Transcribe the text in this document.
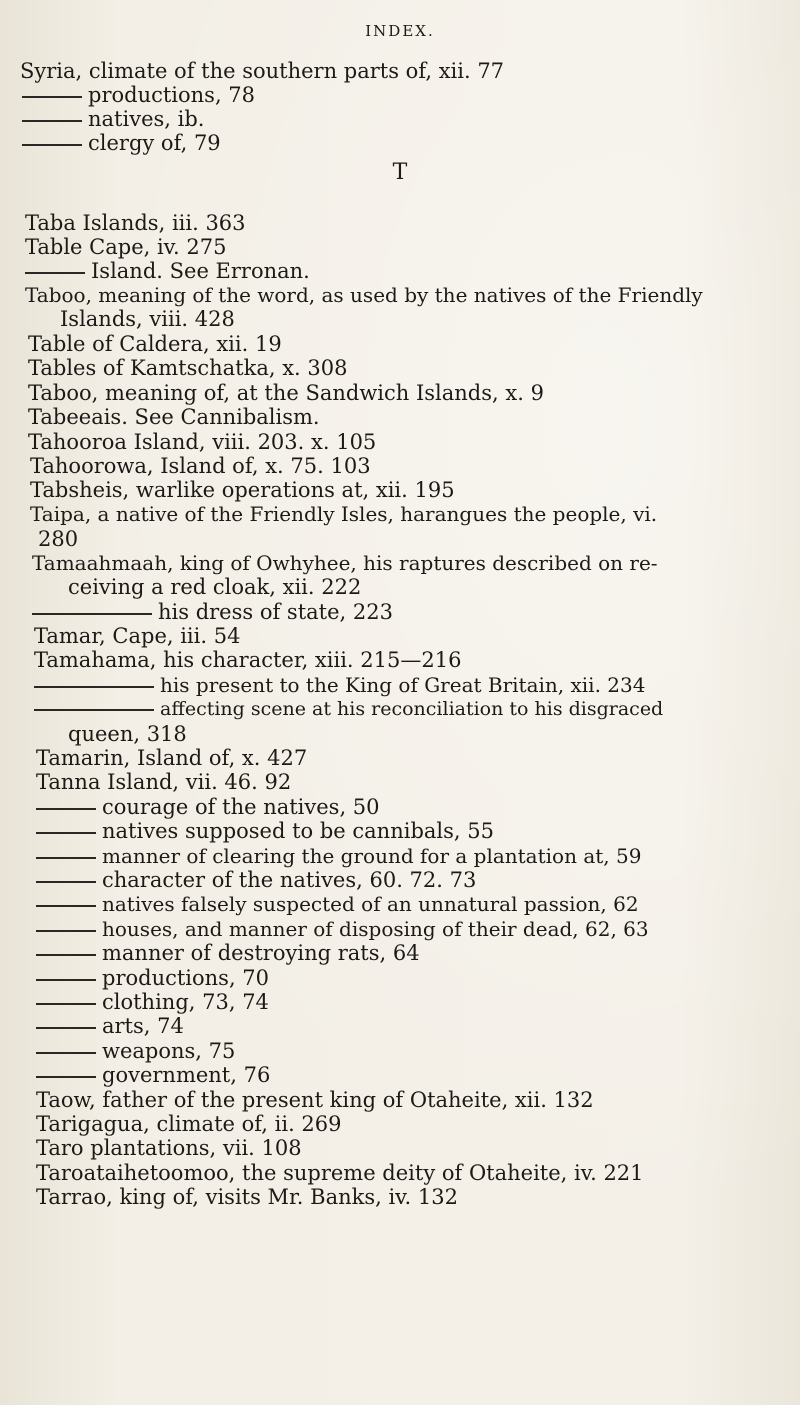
INDEX.
T
Syria, climate of the southern parts of, xii. 77
productions, 78
natives, ib.
clergy of, 79
Taba Islands, iii. 363
Table Cape, iv. 275
Island. See Erronan.
Taboo, meaning of the word, as used by the natives of the Friendly
Islands, viii. 428
Table of Caldera, xii. 19
Tables of Kamtschatka, x. 308
Taboo, meaning of, at the Sandwich Islands, x. 9
Tabeeais. See Cannibalism.
Tahooroa Island, viii. 203. x. 105
Tahoorowa, Island of, x. 75. 103
Tabsheis, warlike operations at, xii. 195
Taipa, a native of the Friendly Isles, harangues the people, vi.
280
Tamaahmaah, king of Owhyhee, his raptures described on re-
ceiving a red cloak, xii. 222
his dress of state, 223
Tamar, Cape, iii. 54
Tamahama, his character, xiii. 215—216
his present to the King of Great Britain, xii. 234
affecting scene at his reconciliation to his disgraced
queen, 318
Tamarin, Island of, x. 427
Tanna Island, vii. 46. 92
courage of the natives, 50
natives supposed to be cannibals, 55
manner of clearing the ground for a plantation at, 59
character of the natives, 60. 72. 73
natives falsely suspected of an unnatural passion, 62
houses, and manner of disposing of their dead, 62, 63
manner of destroying rats, 64
productions, 70
clothing, 73, 74
arts, 74
weapons, 75
government, 76
Taow, father of the present king of Otaheite, xii. 132
Tarigagua, climate of, ii. 269
Taro plantations, vii. 108
Taroataihetoomoo, the supreme deity of Otaheite, iv. 221
Tarrao, king of, visits Mr. Banks, iv. 132
